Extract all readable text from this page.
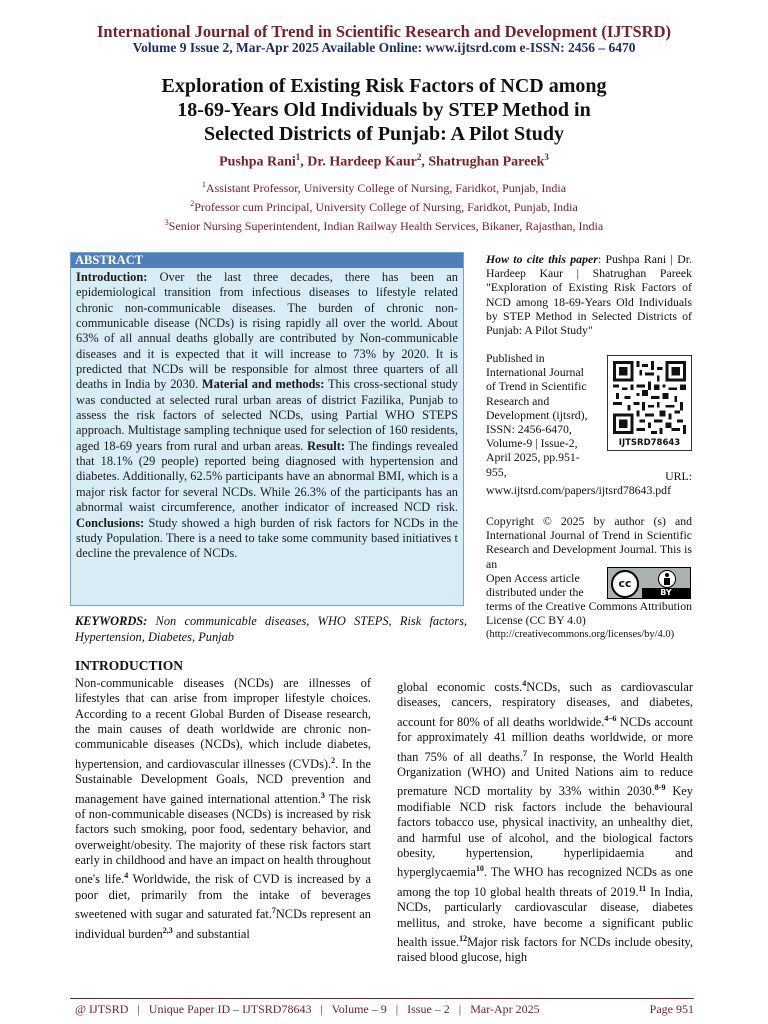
International Journal of Trend in Scientific Research and Development (IJTSRD)
Volume 9 Issue 2, Mar-Apr 2025 Available Online: www.ijtsrd.com e-ISSN: 2456 – 6470
Exploration of Existing Risk Factors of NCD among
18-69-Years Old Individuals by STEP Method in
Selected Districts of Punjab: A Pilot Study
Pushpa Rani$^1$, Dr. Hardeep Kaur$^2$, Shatrughan Pareek$^3$
$^1$Assistant Professor, University College of Nursing, Faridkot, Punjab, India
$^2$Professor cum Principal, University College of Nursing, Faridkot, Punjab, India
$^3$Senior Nursing Superintendent, Indian Railway Health Services, Bikaner, Rajasthan, India
ABSTRACT
Introduction: Over the last three decades, there has been an epidemiological transition from infectious diseases to lifestyle related chronic non-communicable diseases. The burden of chronic non-communicable disease (NCDs) is rising rapidly all over the world. About 63% of all annual deaths globally are contributed by Non-communicable diseases and it is expected that it will increase to 73% by 2020. It is predicted that NCDs will be responsible for almost three quarters of all deaths in India by 2030. Material and methods: This cross-sectional study was conducted at selected rural urban areas of district Fazilika, Punjab to assess the risk factors of selected NCDs, using Partial WHO STEPS approach. Multistage sampling technique used for selection of 160 residents, aged 18-69 years from rural and urban areas. Result: The findings revealed that 18.1% (29 people) reported being diagnosed with hypertension and diabetes. Additionally, 62.5% participants have an abnormal BMI, which is a major risk factor for several NCDs. While 26.3% of the participants has an abnormal waist circumference, another indicator of increased NCD risk. Conclusions: Study showed a high burden of risk factors for NCDs in the study Population. There is a need to take some community based initiatives t decline the prevalence of NCDs.
KEYWORDS: Non communicable diseases, WHO STEPS, Risk factors, Hypertension, Diabetes, Punjab
How to cite this paper: Pushpa Rani | Dr. Hardeep Kaur | Shatrughan Pareek "Exploration of Existing Risk Factors of NCD among 18-69-Years Old Individuals by STEP Method in Selected Districts of Punjab: A Pilot Study"
Published in International Journal of Trend in Scientific Research and Development (ijtsrd), ISSN: 2456-6470, Volume-9 | Issue-2, April 2025, pp.951-955,	URL:
www.ijtsrd.com/papers/ijtsrd78643.pdf
IJTSRD78643
Copyright © 2025 by author (s) and International Journal of Trend in Scientific Research and Development Journal. This is an
Open Access article distributed under the
terms of the Creative Commons Attribution License (CC BY 4.0)
(http://creativecommons.org/licenses/by/4.0)
cc
BY
INTRODUCTION
Non-communicable diseases (NCDs) are illnesses of lifestyles that can arise from improper lifestyle choices. According to a recent Global Burden of Disease research, the main causes of death worldwide are chronic non-communicable diseases (NCDs), which include diabetes, hypertension, and cardiovascular illnesses (CVDs).$^2$. In the Sustainable Development Goals, NCD prevention and management have gained international attention.$^3$ The risk of non-communicable diseases (NCDs) is increased by risk factors such smoking, poor food, sedentary behavior, and overweight/obesity. The majority of these risk factors start early in childhood and have an impact on health throughout one's life.$^4$ Worldwide, the risk of CVD is increased by a poor diet, primarily from the intake of beverages sweetened with sugar and saturated fat.$^7$NCDs represent an individual burden$^{2,3}$ and substantial
global economic costs.$^4$NCDs, such as cardiovascular diseases, cancers, respiratory diseases, and diabetes, account for 80% of all deaths worldwide.$^{4-6}$ NCDs account for approximately 41 million deaths worldwide, or more than 75% of all deaths.$^7$ In response, the World Health Organization (WHO) and United Nations aim to reduce premature NCD mortality by 33% within 2030.$^{8-9}$ Key modifiable NCD risk factors include the behavioural factors tobacco use, physical inactivity, an unhealthy diet, and harmful use of alcohol, and the biological factors obesity, hypertension, hyperlipidaemia and hyperglycaemia$^{10}$. The WHO has recognized NCDs as one among the top 10 global health threats of 2019.11 In India, NCDs, particularly cardiovascular disease, diabetes mellitus, and stroke, have become a significant public health issue.$^{12}$Major risk factors for NCDs include obesity, raised blood glucose, high
@ IJTSRD   |   Unique Paper ID – IJTSRD78643   |   Volume – 9   |   Issue – 2   |   Mar-Apr 2025	Page 951
